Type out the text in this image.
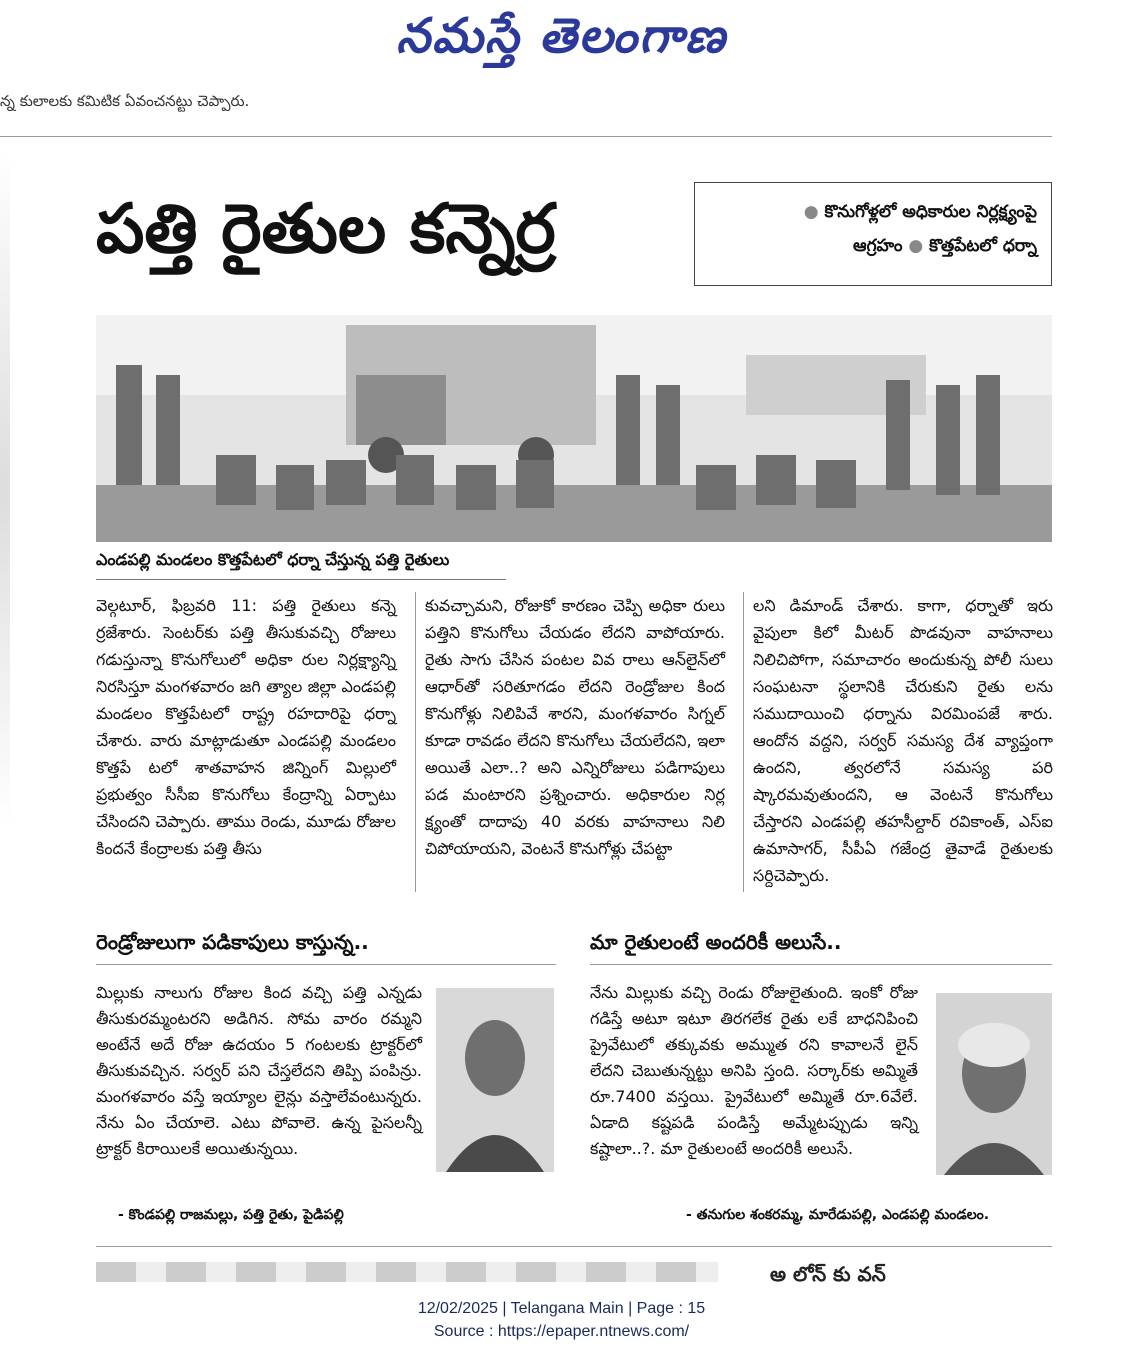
నమస్తే తెలంగాణ
న్న కులాలకు కమిటిక ఏవంచనట్టు చెప్పారు.
పత్తి రైతుల కన్నెర్ర	● కొనుగోళ్లలో అధికారుల నిర్లక్ష్యంపై
ఆగ్రహం ● కొత్తపేటలో ధర్నా
ఎండపల్లి మండలం కొత్తపేటలో ధర్నా చేస్తున్న పత్తి రైతులు
వెల్గటూర్, ఫిబ్రవరి 11: పత్తి రైతులు కన్నె ర్రజేశారు. సెంటర్‌కు పత్తి తీసుకువచ్చి రోజులు గడుస్తున్నా కొనుగోలులో అధికా రుల నిర్లక్ష్యాన్ని నిరసిస్తూ మంగళవారం జగి త్యాల జిల్లా ఎండపల్లి మండలం కొత్తపేటలో రాష్ట్ర రహదారిపై ధర్నా చేశారు. వారు మాట్లాడుతూ ఎండపల్లి మండలం కొత్తపే టలో శాతవాహన జిన్నింగ్ మిల్లులో ప్రభుత్వం సీసీఐ కొనుగోలు కేంద్రాన్ని ఏర్పాటు చేసిందని చెప్పారు. తాము రెండు, మూడు రోజుల కిందనే కేంద్రాలకు పత్తి తీసు
కువచ్చామని, రోజుకో కారణం చెప్పి అధికా రులు పత్తిని కొనుగోలు చేయడం లేదని వాపోయారు. రైతు సాగు చేసిన పంటల వివ రాలు ఆన్‌లైన్‌లో ఆధార్‌తో సరితూగడం లేదని రెండ్రోజుల కింద కొనుగోళ్లు నిలిపివే శారని, మంగళవారం సిగ్నల్ కూడా రావడం లేదని కొనుగోలు చేయలేదని, ఇలా అయితే ఎలా..? అని ఎన్నిరోజులు పడిగాపులు పడ మంటారని ప్రశ్నించారు. అధికారుల నిర్ల క్ష్యంతో దాదాపు 40 వరకు వాహనాలు నిలి చిపోయాయని, వెంటనే కొనుగోళ్లు చేపట్టా
లని డిమాండ్ చేశారు. కాగా, ధర్నాతో ఇరు వైపులా కిలో మీటర్ పొడవునా వాహనాలు నిలిచిపోగా, సమాచారం అందుకున్న పోలీ సులు సంఘటనా స్థలానికి చేరుకుని రైతు లను సముదాయించి ధర్నాను విరమింపజే శారు. ఆందోన వద్దని, సర్వర్ సమస్య దేశ వ్యాప్తంగా ఉందని, త్వరలోనే సమస్య పరి ష్కారమవుతుందని, ఆ వెంటనే కొనుగోలు చేస్తారని ఎండపల్లి తహసీల్దార్ రవికాంత్, ఎస్ఐ ఉమాసాగర్, సీపీఏ గజేంద్ర తైవాడే రైతులకు సర్దిచెప్పారు.
రెండ్రోజులుగా పడికాపులు కాస్తున్న..
మిల్లుకు నాలుగు రోజుల కింద వచ్చి పత్తి ఎన్నడు తీసుకురమ్మంటరని అడిగిన. సోమ వారం రమ్మని అంటేనే అదే రోజు ఉదయం 5 గంటలకు ట్రాక్టర్‌లో తీసుకువచ్చిన. సర్వర్ పని చేస్తలేదని తిప్పి పంపిన్రు. మంగళవారం వస్తే ఇయ్యాల లైన్లు వస్తాలేవంటున్నరు. నేను ఏం చేయాలె. ఎటు పోవాలె. ఉన్న పైసలన్నీ ట్రాక్టర్ కిరాయిలకే అయితున్నయి.
- కొండపల్లి రాజమల్లు, పత్తి రైతు, పైడిపల్లి
మా రైతులంటే అందరికీ అలుసే..
నేను మిల్లుకు వచ్చి రెండు రోజులైతుంది. ఇంకో రోజు గడిస్తే అటూ ఇటూ తిరగలేక రైతు లకే బాధనిపించి ప్రైవేటులో తక్కువకు అమ్ముత రని కావాలనే లైన్ లేదని చెబుతున్నట్టు అనిపి స్తంది. సర్కార్‌కు అమ్మితే రూ.7400 వస్తయి. ప్రైవేటులో అమ్మితే రూ.6వేలే. ఏడాది కష్టపడి పండిస్తే అమ్మేటప్పుడు ఇన్ని కష్టాలా..?. మా రైతులంటే అందరికీ అలుసే.
- తనుగుల శంకరమ్మ, మారేడుపల్లి, ఎండపల్లి మండలం.
అ లోన్ కు వన్
12/02/2025 | Telangana Main | Page : 15
Source : https://epaper.ntnews.com/
